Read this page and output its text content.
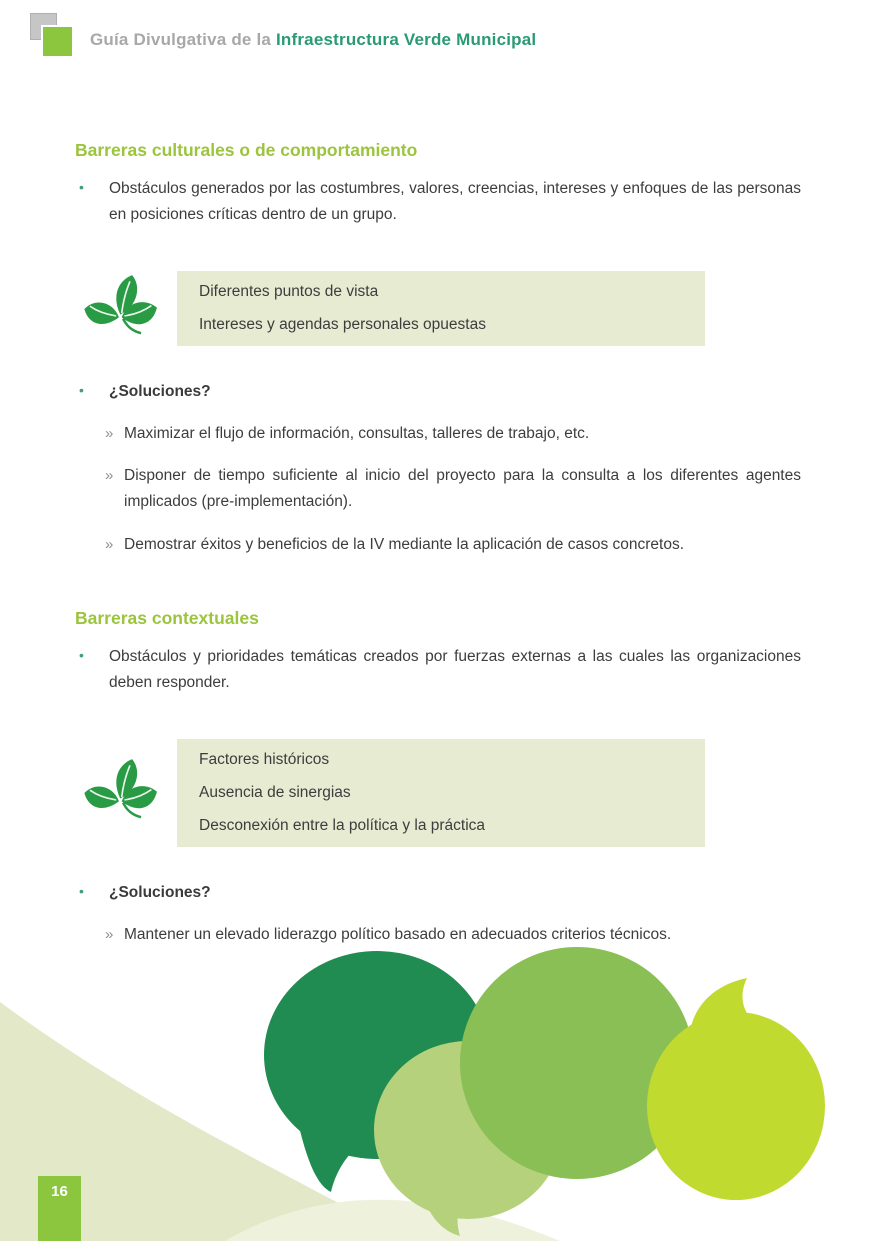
Guía Divulgativa de la Infraestructura Verde Municipal
Barreras culturales o de comportamiento
•	Obstáculos generados por las costumbres, valores, creencias, intereses y enfoques de las personas en posiciones críticas dentro de un grupo.

Diferentes puntos de vista

Intereses y agendas personales opuestas

•	¿Soluciones?

» Maximizar el flujo de información, consultas, talleres de trabajo, etc.

» Disponer de tiempo suficiente al inicio del proyecto para la consulta a los diferentes agentes implicados (pre-implementación).

» Demostrar éxitos y beneficios de la IV mediante la aplicación de casos concretos.

Barreras contextuales
•	Obstáculos y prioridades temáticas creados por fuerzas externas a las cuales las organizaciones deben responder.

Factores históricos

Ausencia de sinergias

Desconexión entre la política y la práctica

•	¿Soluciones?

» Mantener un elevado liderazgo político basado en adecuados criterios técnicos.

16
